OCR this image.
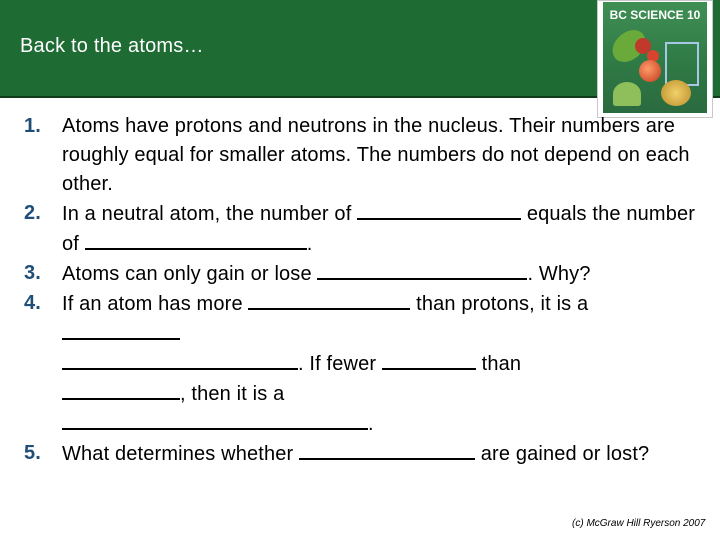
Back to the atoms…
BC SCIENCE 10
1. Atoms have protons and neutrons in the nucleus. Their numbers are roughly equal for smaller atoms. The numbers do not depend on each other.
2. In a neutral atom, the number of	equals the number of	.
3. Atoms can only gain or lose	. Why?
4. If an atom has more	than protons, it is a

. If fewer	than
, then it is a
.
5. What determines whether	are gained or lost?
(c) McGraw Hill Ryerson 2007
